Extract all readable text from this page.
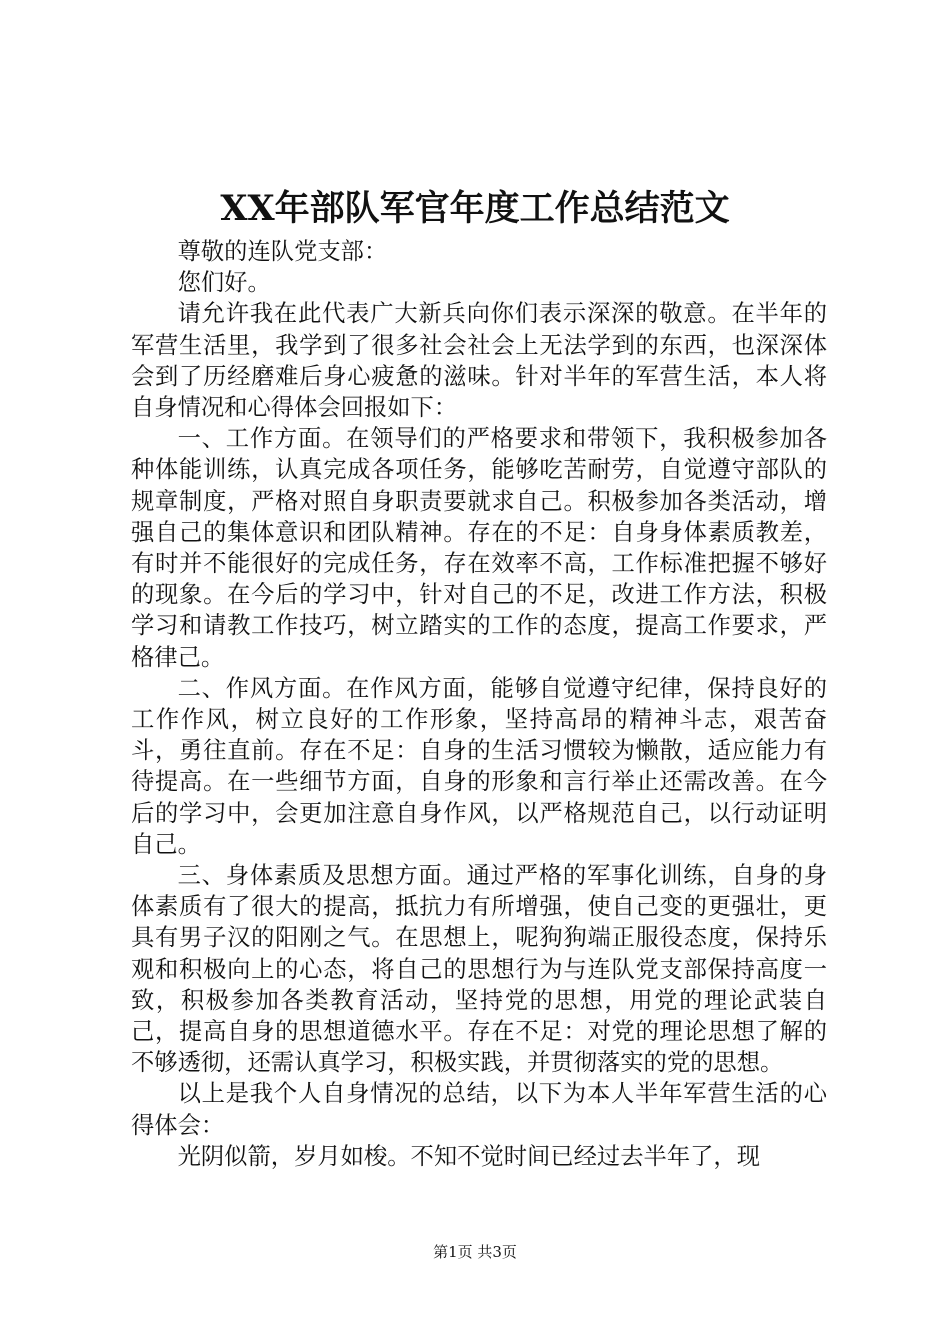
XX年部队军官年度工作总结范文

尊敬的连队党支部：

您们好。

请允许我在此代表广大新兵向你们表示深深的敬意。在半年的军营生活里，我学到了很多社会社会上无法学到的东西，也深深体会到了历经磨难后身心疲惫的滋味。针对半年的军营生活，本人将自身情况和心得体会回报如下：

一、工作方面。在领导们的严格要求和带领下，我积极参加各种体能训练，认真完成各项任务，能够吃苦耐劳，自觉遵守部队的规章制度，严格对照自身职责要就求自己。积极参加各类活动，增强自己的集体意识和团队精神。存在的不足：自身身体素质教差，有时并不能很好的完成任务，存在效率不高，工作标准把握不够好的现象。在今后的学习中，针对自己的不足，改进工作方法，积极学习和请教工作技巧，树立踏实的工作的态度，提高工作要求，严格律己。

二、作风方面。在作风方面，能够自觉遵守纪律，保持良好的工作作风，树立良好的工作形象，坚持高昂的精神斗志，艰苦奋斗，勇往直前。存在不足：自身的生活习惯较为懒散，适应能力有待提高。在一些细节方面，自身的形象和言行举止还需改善。在今后的学习中，会更加注意自身作风，以严格规范自己，以行动证明自己。

三、身体素质及思想方面。通过严格的军事化训练，自身的身体素质有了很大的提高，抵抗力有所增强，使自己变的更强壮，更具有男子汉的阳刚之气。在思想上，呢狗狗端正服役态度，保持乐观和积极向上的心态，将自己的思想行为与连队党支部保持高度一致，积极参加各类教育活动，坚持党的思想，用党的理论武装自己，提高自身的思想道德水平。存在不足：对党的理论思想了解的不够透彻，还需认真学习，积极实践，并贯彻落实的党的思想。

以上是我个人自身情况的总结，以下为本人半年军营生活的心得体会：

光阴似箭，岁月如梭。不知不觉时间已经过去半年了，现

第1页 共3页
